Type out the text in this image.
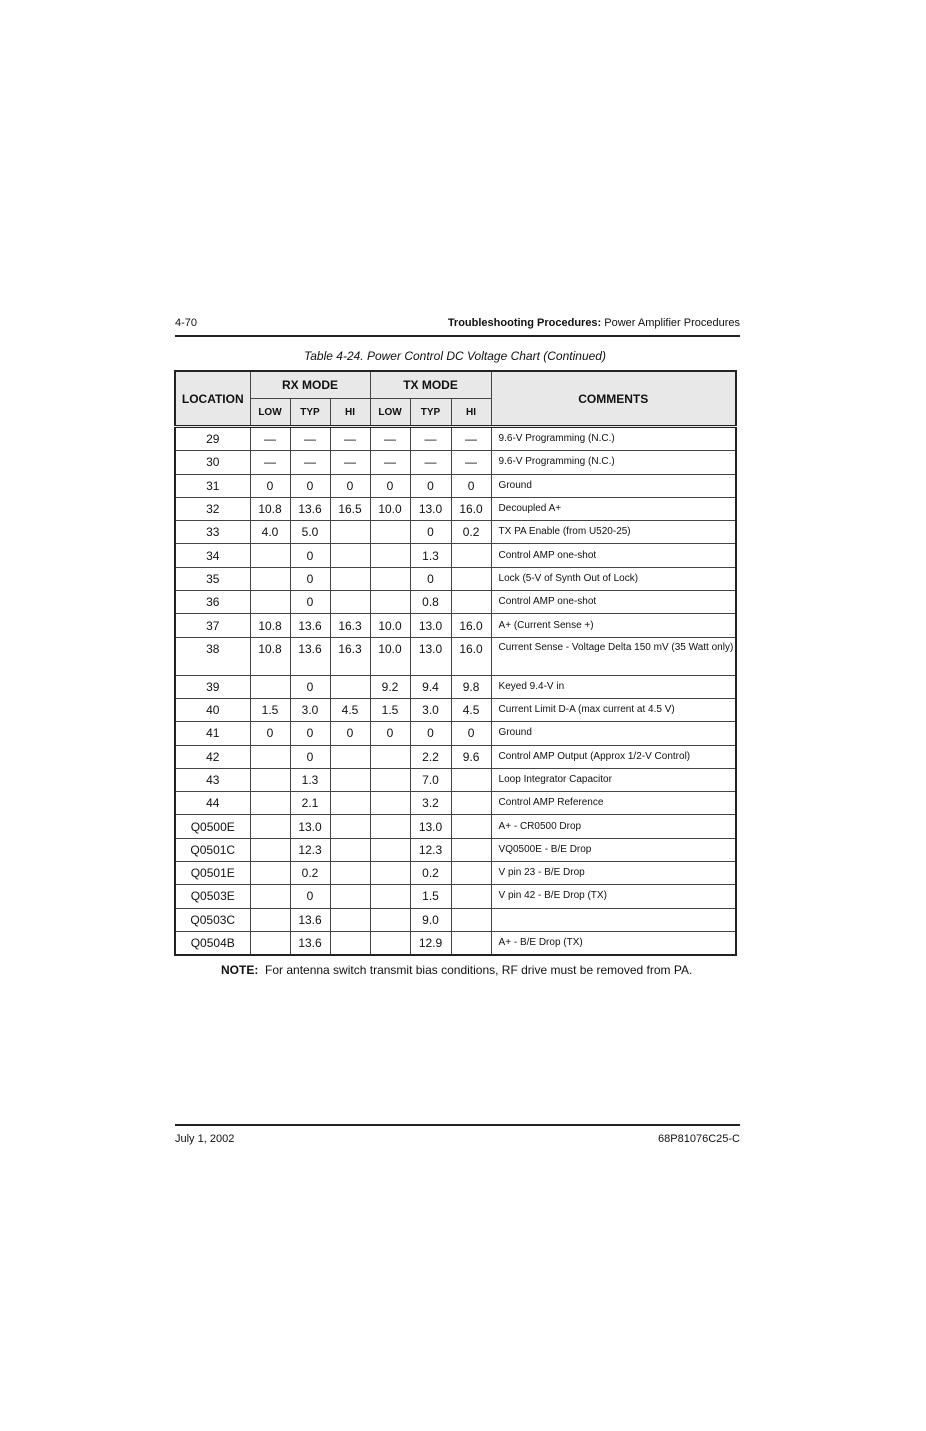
4-70	Troubleshooting Procedures: Power Amplifier Procedures
Table 4-24. Power Control DC Voltage Chart (Continued)
LOCATION	RX MODE			TX MODE			COMMENTS
	LOW	TYP	HI	LOW	TYP	HI	
29	—	—	—	—	—	—	9.6-V Programming (N.C.)
30	—	—	—	—	—	—	9.6-V Programming (N.C.)
31	0	0	0	0	0	0	Ground
32	10.8	13.6	16.5	10.0	13.0	16.0	Decoupled A+
33	4.0	5.0			0	0.2	TX PA Enable (from U520-25)
34		0			1.3		Control AMP one-shot
35		0			0		Lock (5-V of Synth Out of Lock)
36		0			0.8		Control AMP one-shot
37	10.8	13.6	16.3	10.0	13.0	16.0	A+ (Current Sense +)
38	10.8	13.6	16.3	10.0	13.0	16.0	Current Sense - Voltage Delta 150 mV (35 Watt only)
39		0		9.2	9.4	9.8	Keyed 9.4-V in
40	1.5	3.0	4.5	1.5	3.0	4.5	Current Limit D-A (max current at 4.5 V)
41	0	0	0	0	0	0	Ground
42		0			2.2	9.6	Control AMP Output (Approx 1/2-V Control)
43		1.3			7.0		Loop Integrator Capacitor
44		2.1			3.2		Control AMP Reference
Q0500E		13.0			13.0		A+ - CR0500 Drop
Q0501C		12.3			12.3		VQ0500E - B/E Drop
Q0501E		0.2			0.2		V pin 23 - B/E Drop
Q0503E		0			1.5		V pin 42 - B/E Drop (TX)
Q0503C		13.6			9.0		
Q0504B		13.6			12.9		A+ - B/E Drop (TX)
NOTE: For antenna switch transmit bias conditions, RF drive must be removed from PA.
July 1, 2002	68P81076C25-C
